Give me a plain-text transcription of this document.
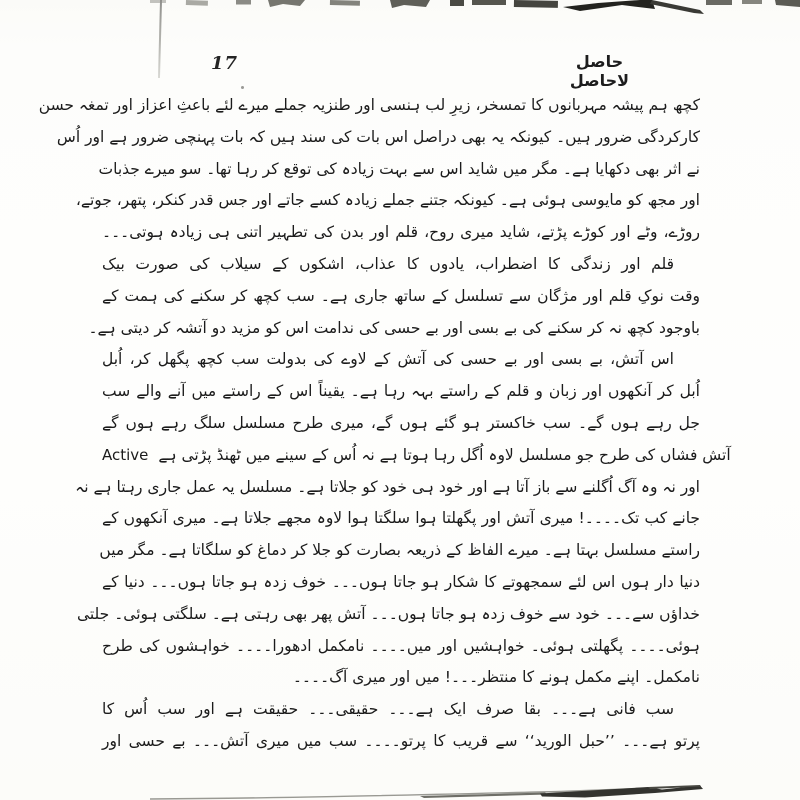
17	حاصل لاحاصل
کچھ ہم پیشہ مہربانوں کا تمسخر، زیرِ لب ہنسی اور طنزیہ جملے میرے لئے باعثِ اعزاز اور تمغہ حسن
کارکردگی ضرور ہیں۔ کیونکہ یہ بھی دراصل اس بات کی سند ہیں کہ بات پہنچی ضرور ہے اور اُس
نے اثر بھی دکھایا ہے۔ مگر میں شاید اس سے بہت زیادہ کی توقع کر رہا تھا۔ سو میرے جذبات
اور مجھ کو مایوسی ہوئی ہے۔ کیونکہ جتنے جملے زیادہ کسے جاتے اور جس قدر کنکر، پتھر، جوتے،
روڑے، وٹے اور کوڑے پڑتے، شاید میری روح، قلم اور بدن کی تطہیر اتنی ہی زیادہ ہوتی۔۔۔
قلم اور زندگی کا اضطراب، یادوں کا عذاب، اشکوں کے سیلاب کی صورت بیک
وقت نوکِ قلم اور مژگان سے تسلسل کے ساتھ جاری ہے۔ سب کچھ کر سکنے کی ہمت کے
باوجود کچھ نہ کر سکنے کی بے بسی اور بے حسی کی ندامت اس کو مزید دو آتشہ کر دیتی ہے۔
اس آتش، بے بسی اور بے حسی کی آتش کے لاوے کی بدولت سب کچھ پگھل کر، اُبل
اُبل کر آنکھوں اور زبان و قلم کے راستے بہہ رہا ہے۔ یقیناً اس کے راستے میں آنے والے سب
جل رہے ہوں گے۔ سب خاکستر ہو گئے ہوں گے، میری طرح مسلسل سلگ رہے ہوں گے
Active آتش فشاں کی طرح جو مسلسل لاوہ اُگل رہا ہوتا ہے نہ اُس کے سینے میں ٹھنڈ پڑتی ہے
اور نہ وہ آگ اُگلنے سے باز آتا ہے اور خود ہی خود کو جلاتا ہے۔ مسلسل یہ عمل جاری رہتا ہے نہ
جانے کب تک۔۔۔۔! میری آتش اور پگھلتا ہوا سلگتا ہوا لاوہ مجھے جلاتا ہے۔ میری آنکھوں کے
راستے مسلسل بہتا ہے۔ میرے الفاظ کے ذریعہ بصارت کو جلا کر دماغ کو سلگاتا ہے۔ مگر میں
دنیا دار ہوں اس لئے سمجھوتے کا شکار ہو جاتا ہوں۔۔۔ خوف زدہ ہو جاتا ہوں۔۔۔ دنیا کے
خداؤں سے۔۔۔ خود سے خوف زدہ ہو جاتا ہوں۔۔۔ آتش پھر بھی رہتی ہے۔ سلگتی ہوئی۔ جلتی
ہوئی۔۔۔۔ پگھلتی ہوئی۔ خواہشیں اور میں۔۔۔۔ نامکمل ادھورا۔۔۔۔ خواہشوں کی طرح
نامکمل۔ اپنے مکمل ہونے کا منتظر۔۔۔! میں اور میری آگ۔۔۔۔
سب فانی ہے۔۔۔ بقا صرف ایک ہے۔۔۔ حقیقی۔۔۔ حقیقت ہے اور سب اُس کا
پرتو ہے۔۔۔ ’’حبل الورید‘‘ سے قریب کا پرتو۔۔۔۔ سب میں میری آتش۔۔۔ بے حسی اور
